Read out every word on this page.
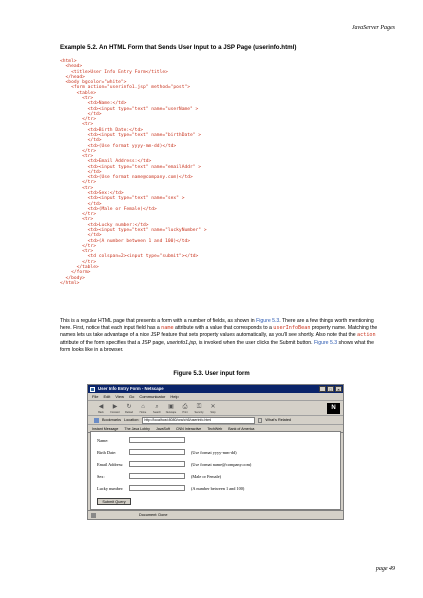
JavaServer Pages
Example 5.2. An HTML Form that Sends User Input to a JSP Page (userinfo.html)
<html>
<head>
<title>User Info Entry Form</title>
</head>
<body bgcolor="white">
<form action="userinfo1.jsp" method="post">
<table>
<tr>
<td>Name:</td>
<td><input type="text" name="userName" >
</td>
</tr>
<tr>
<td>Birth Date:</td>
<td><input type="text" name="birthDate" >
</td>
<td>(Use format yyyy-mm-dd)</td>
</tr>
<tr>
<td>Email Address:</td>
<td><input type="text" name="emailAddr" >
</td>
<td>(Use format name@company.com)</td>
</tr>
<tr>
<td>Sex:</td>
<td><input type="text" name="sex" >
</td>
<td>(Male or Female)</td>
</tr>
<tr>
<td>Lucky number:</td>
<td><input type="text" name="luckyNumber" >
</td>
<td>(A number between 1 and 100)</td>
</tr>
<tr>
<td colspan=2><input type="submit"></td>
</tr>
</table>
</form>
</body>
</html>
This is a regular HTML page that presents a form with a number of fields, as shown in Figure 5.3. There are a few things worth mentioning here. First, notice that each input field has a name attribute with a value that corresponds to a userInfoBean property name. Matching the names lets us take advantage of a nice JSP feature that sets property values automatically, as you'll see shortly. Also note that the action attribute of the form specifies that a JSP page, userinfo1.jsp, is invoked when the user clicks the Submit button. Figure 5.3 shows what the form looks like in a browser.
Figure 5.3. User input form
User Info Entry Form - Netscape	_	□	×
File Edit View Go Communicator Help
◀
Back
▶
Forward
↻
Reload
⌂
Home
⌕
Search
▣
Netscape
⎙
Print
⚿
Security
✕
Stop
N
Bookmarks Location:	http://localhost:8080/ora/ch5/userinfo.html	What's Related
Instant Message The Java Lobby JavaSoft CNN Interactive TechWeb Bank of America
Name:
Birth Date:	(Use format yyyy-mm-dd)
Email Address:	(Use format name@company.com)
Sex:	(Male or Female)
Lucky number:	(A number between 1 and 100)
Submit Query
Document: Done
page 49
